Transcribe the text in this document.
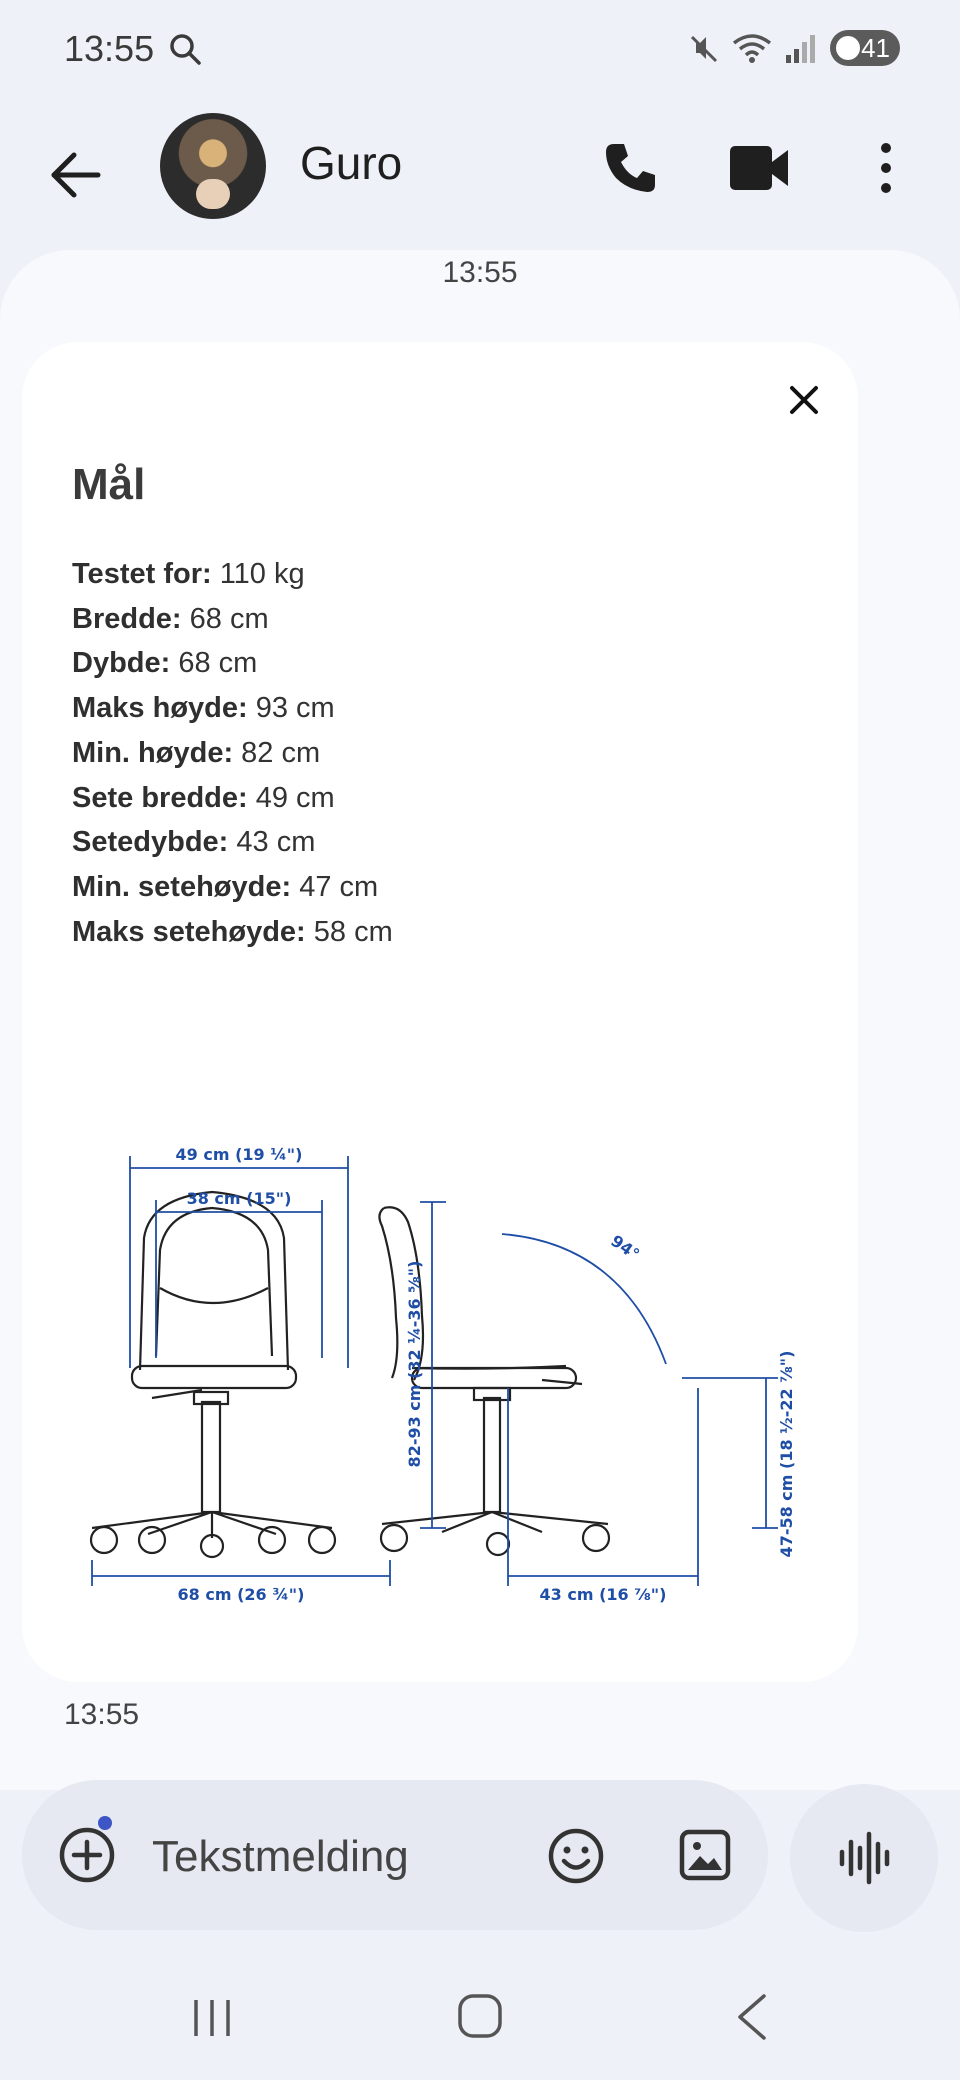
13:55	41
Guro
13:55
Mål
Testet for: 110 kg
Bredde: 68 cm
Dybde: 68 cm
Maks høyde: 93 cm
Min. høyde: 82 cm
Sete bredde: 49 cm
Setedybde: 43 cm
Min. setehøyde: 47 cm
Maks setehøyde: 58 cm
49 cm (19 ¼")
38 cm (15")
68 cm (26 ¾")
82-93 cm (32 ¼-36 ⅝")
94°
43 cm (16 ⅞")
47-58 cm (18 ½-22 ⅞")
13:55
Tekstmelding
